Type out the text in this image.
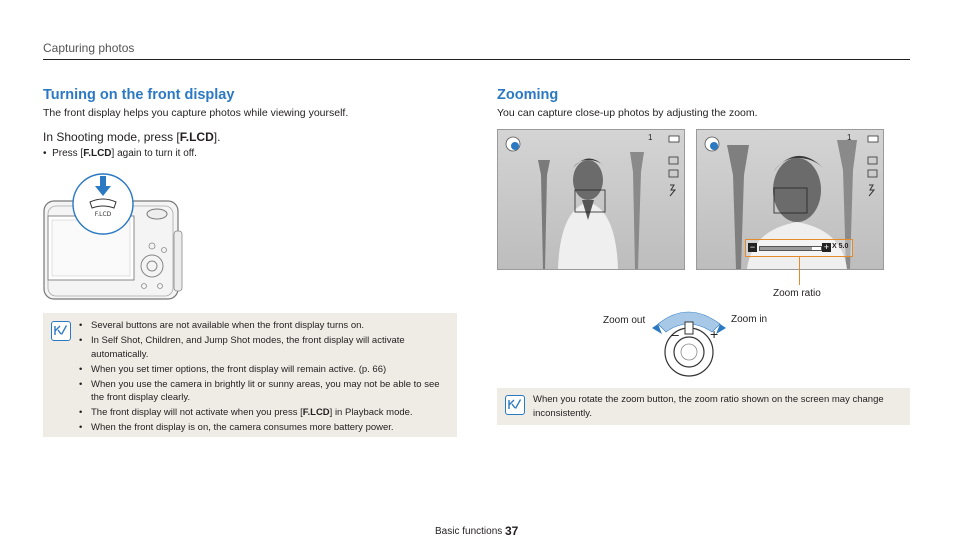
Capturing photos
Turning on the front display
The front display helps you capture photos while viewing yourself.
In Shooting mode, press [F.LCD].
•  Press [F.LCD] again to turn it off.
F.LCD
• Several buttons are not available when the front display turns on.
• In Self Shot, Children, and Jump Shot modes, the front display will activate automatically.
• When you set timer options, the front display will remain active. (p. 66)
• When you use the camera in brightly lit or sunny areas, you may not be able to see the front display clearly.
• The front display will not activate when you press [F.LCD] in Playback mode.
• When the front display is on, the camera consumes more battery power.
Zooming
You can capture close-up photos by adjusting the zoom.
1	1
−	+ X 5.0
Zoom ratio
Zoom out	Zoom in
– +
When you rotate the zoom button, the zoom ratio shown on the screen may change inconsistently.
Basic functions 37
